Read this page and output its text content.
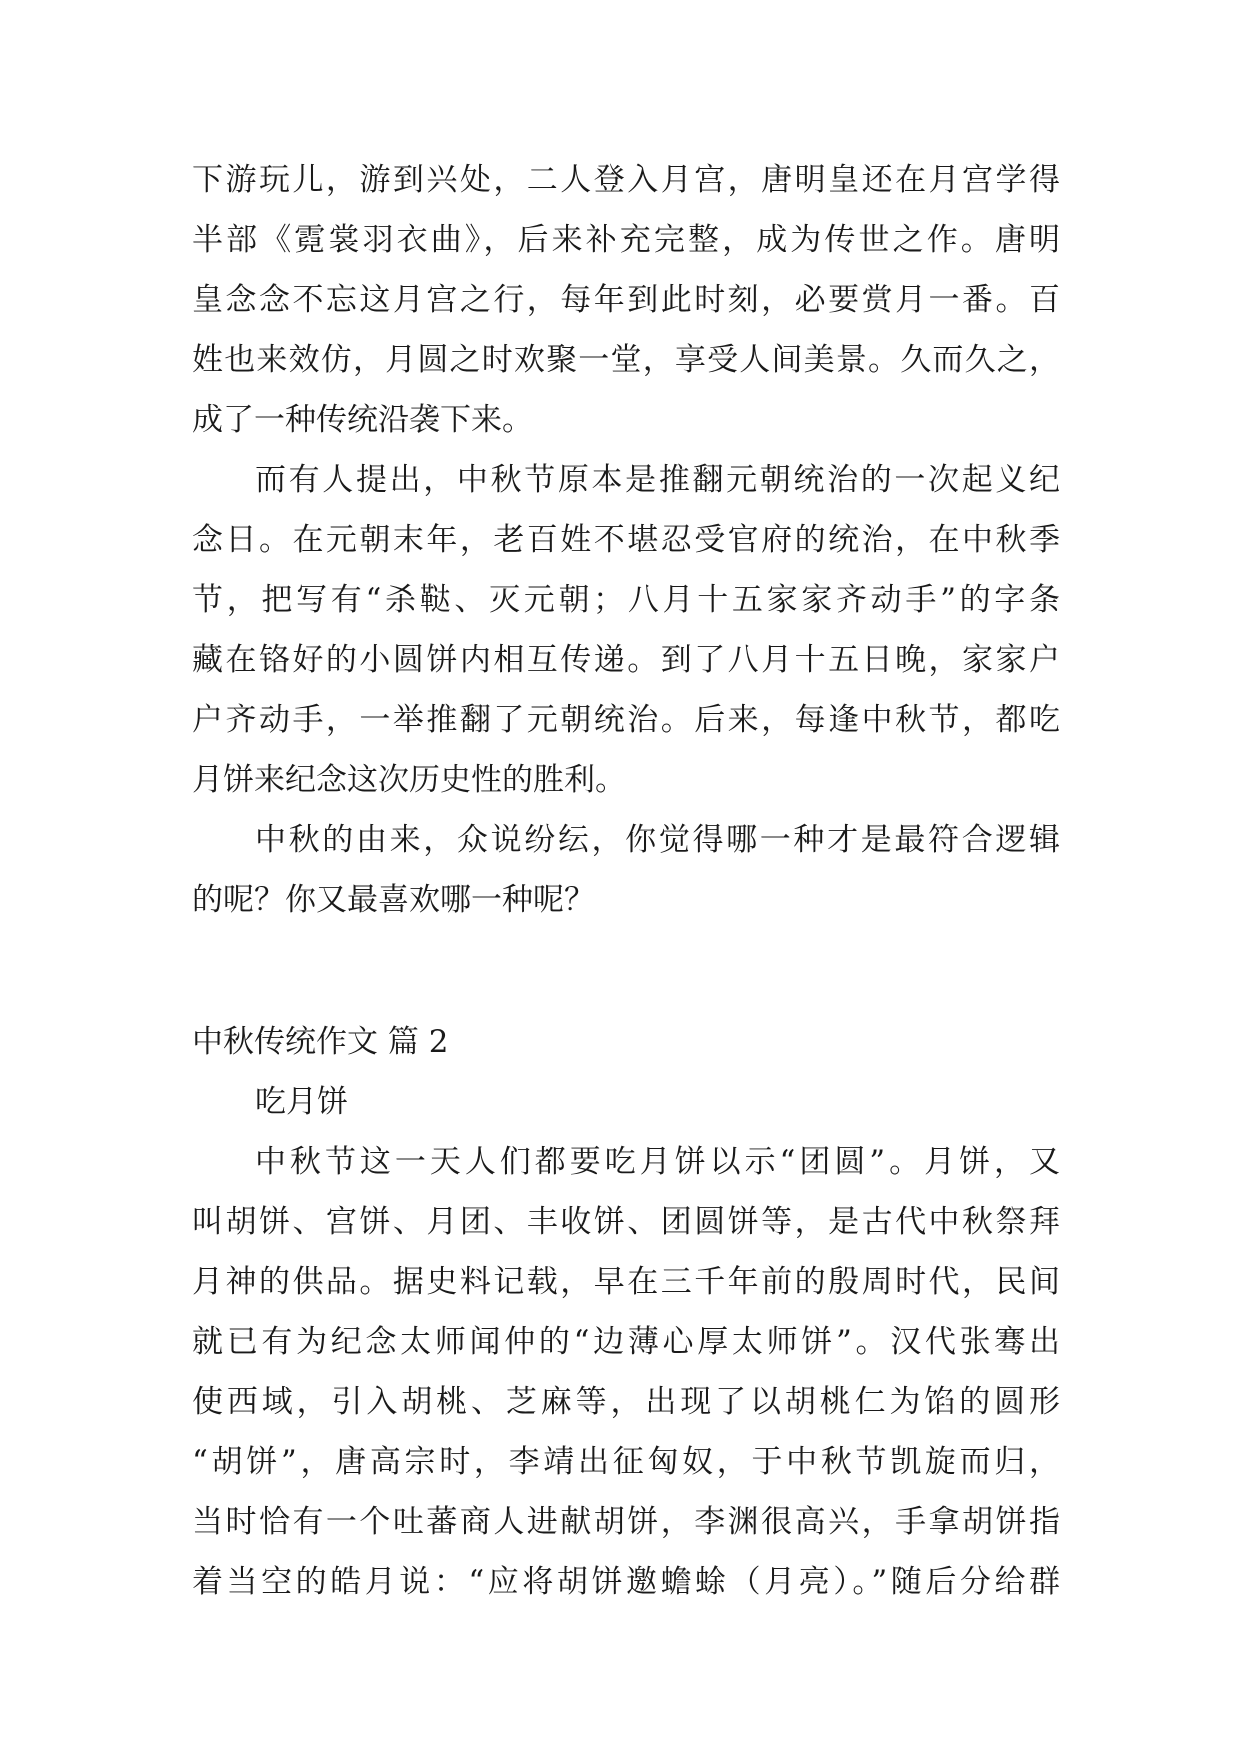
下游玩儿，游到兴处，二人登入月宫，唐明皇还在月宫学得
半部《霓裳羽衣曲》，后来补充完整，成为传世之作。唐明
皇念念不忘这月宫之行，每年到此时刻，必要赏月一番。百
姓也来效仿，月圆之时欢聚一堂，享受人间美景。久而久之，
成了一种传统沿袭下来。
而有人提出，中秋节原本是推翻元朝统治的一次起义纪
念日。在元朝末年，老百姓不堪忍受官府的统治，在中秋季
节，把写有“杀鞑、灭元朝；八月十五家家齐动手”的字条
藏在铬好的小圆饼内相互传递。到了八月十五日晚，家家户
户齐动手，一举推翻了元朝统治。后来，每逢中秋节，都吃
月饼来纪念这次历史性的胜利。
中秋的由来，众说纷纭，你觉得哪一种才是最符合逻辑
的呢？你又最喜欢哪一种呢？
中秋传统作文 篇 2
吃月饼
中秋节这一天人们都要吃月饼以示“团圆”。月饼，又
叫胡饼、宫饼、月团、丰收饼、团圆饼等，是古代中秋祭拜
月神的供品。据史料记载，早在三千年前的殷周时代，民间
就已有为纪念太师闻仲的“边薄心厚太师饼”。汉代张骞出
使西域，引入胡桃、芝麻等，出现了以胡桃仁为馅的圆形
“胡饼”，唐高宗时，李靖出征匈奴，于中秋节凯旋而归，
当时恰有一个吐蕃商人进献胡饼，李渊很高兴，手拿胡饼指
着当空的皓月说：“应将胡饼邀蟾蜍（月亮）。”随后分给群
